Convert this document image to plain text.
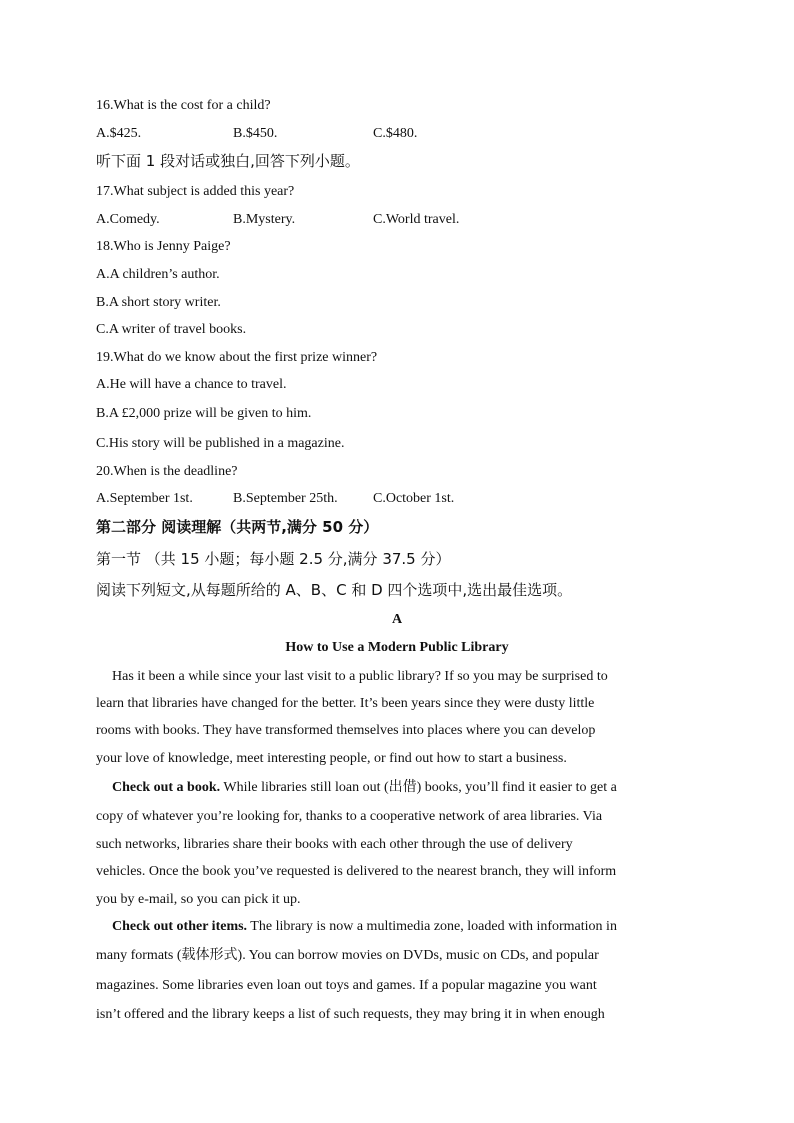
16.What is the cost for a child?
A.$425.	B.$450.	C.$480.
听下面 1 段对话或独白,回答下列小题。
17.What subject is added this year?
A.Comedy.	B.Mystery.	C.World travel.
18.Who is Jenny Paige?
A.A children’s author.
B.A short story writer.
C.A writer of travel books.
19.What do we know about the first prize winner?
A.He will have a chance to travel.
B.A £2,000 prize will be given to him.
C.His story will be published in a magazine.
20.When is the deadline?
A.September 1st.	B.September 25th.	C.October 1st.
第二部分 阅读理解（共两节,满分 50 分）
第一节 （共 15 小题；每小题 2.5 分,满分 37.5 分）
阅读下列短文,从每题所给的 A、B、C 和 D 四个选项中,选出最佳选项。
A
How to Use a Modern Public Library
Has it been a while since your last visit to a public library? If so you may be surprised to
learn that libraries have changed for the better. It’s been years since they were dusty little
rooms with books. They have transformed themselves into places where you can develop
your love of knowledge, meet interesting people, or find out how to start a business.
Check out a book. While libraries still loan out (出借) books, you’ll find it easier to get a
copy of whatever you’re looking for, thanks to a cooperative network of area libraries. Via
such networks, libraries share their books with each other through the use of delivery
vehicles. Once the book you’ve requested is delivered to the nearest branch, they will inform
you by e-mail, so you can pick it up.
Check out other items. The library is now a multimedia zone, loaded with information in
many formats (载体形式). You can borrow movies on DVDs, music on CDs, and popular
magazines. Some libraries even loan out toys and games. If a popular magazine you want
isn’t offered and the library keeps a list of such requests, they may bring it in when enough
